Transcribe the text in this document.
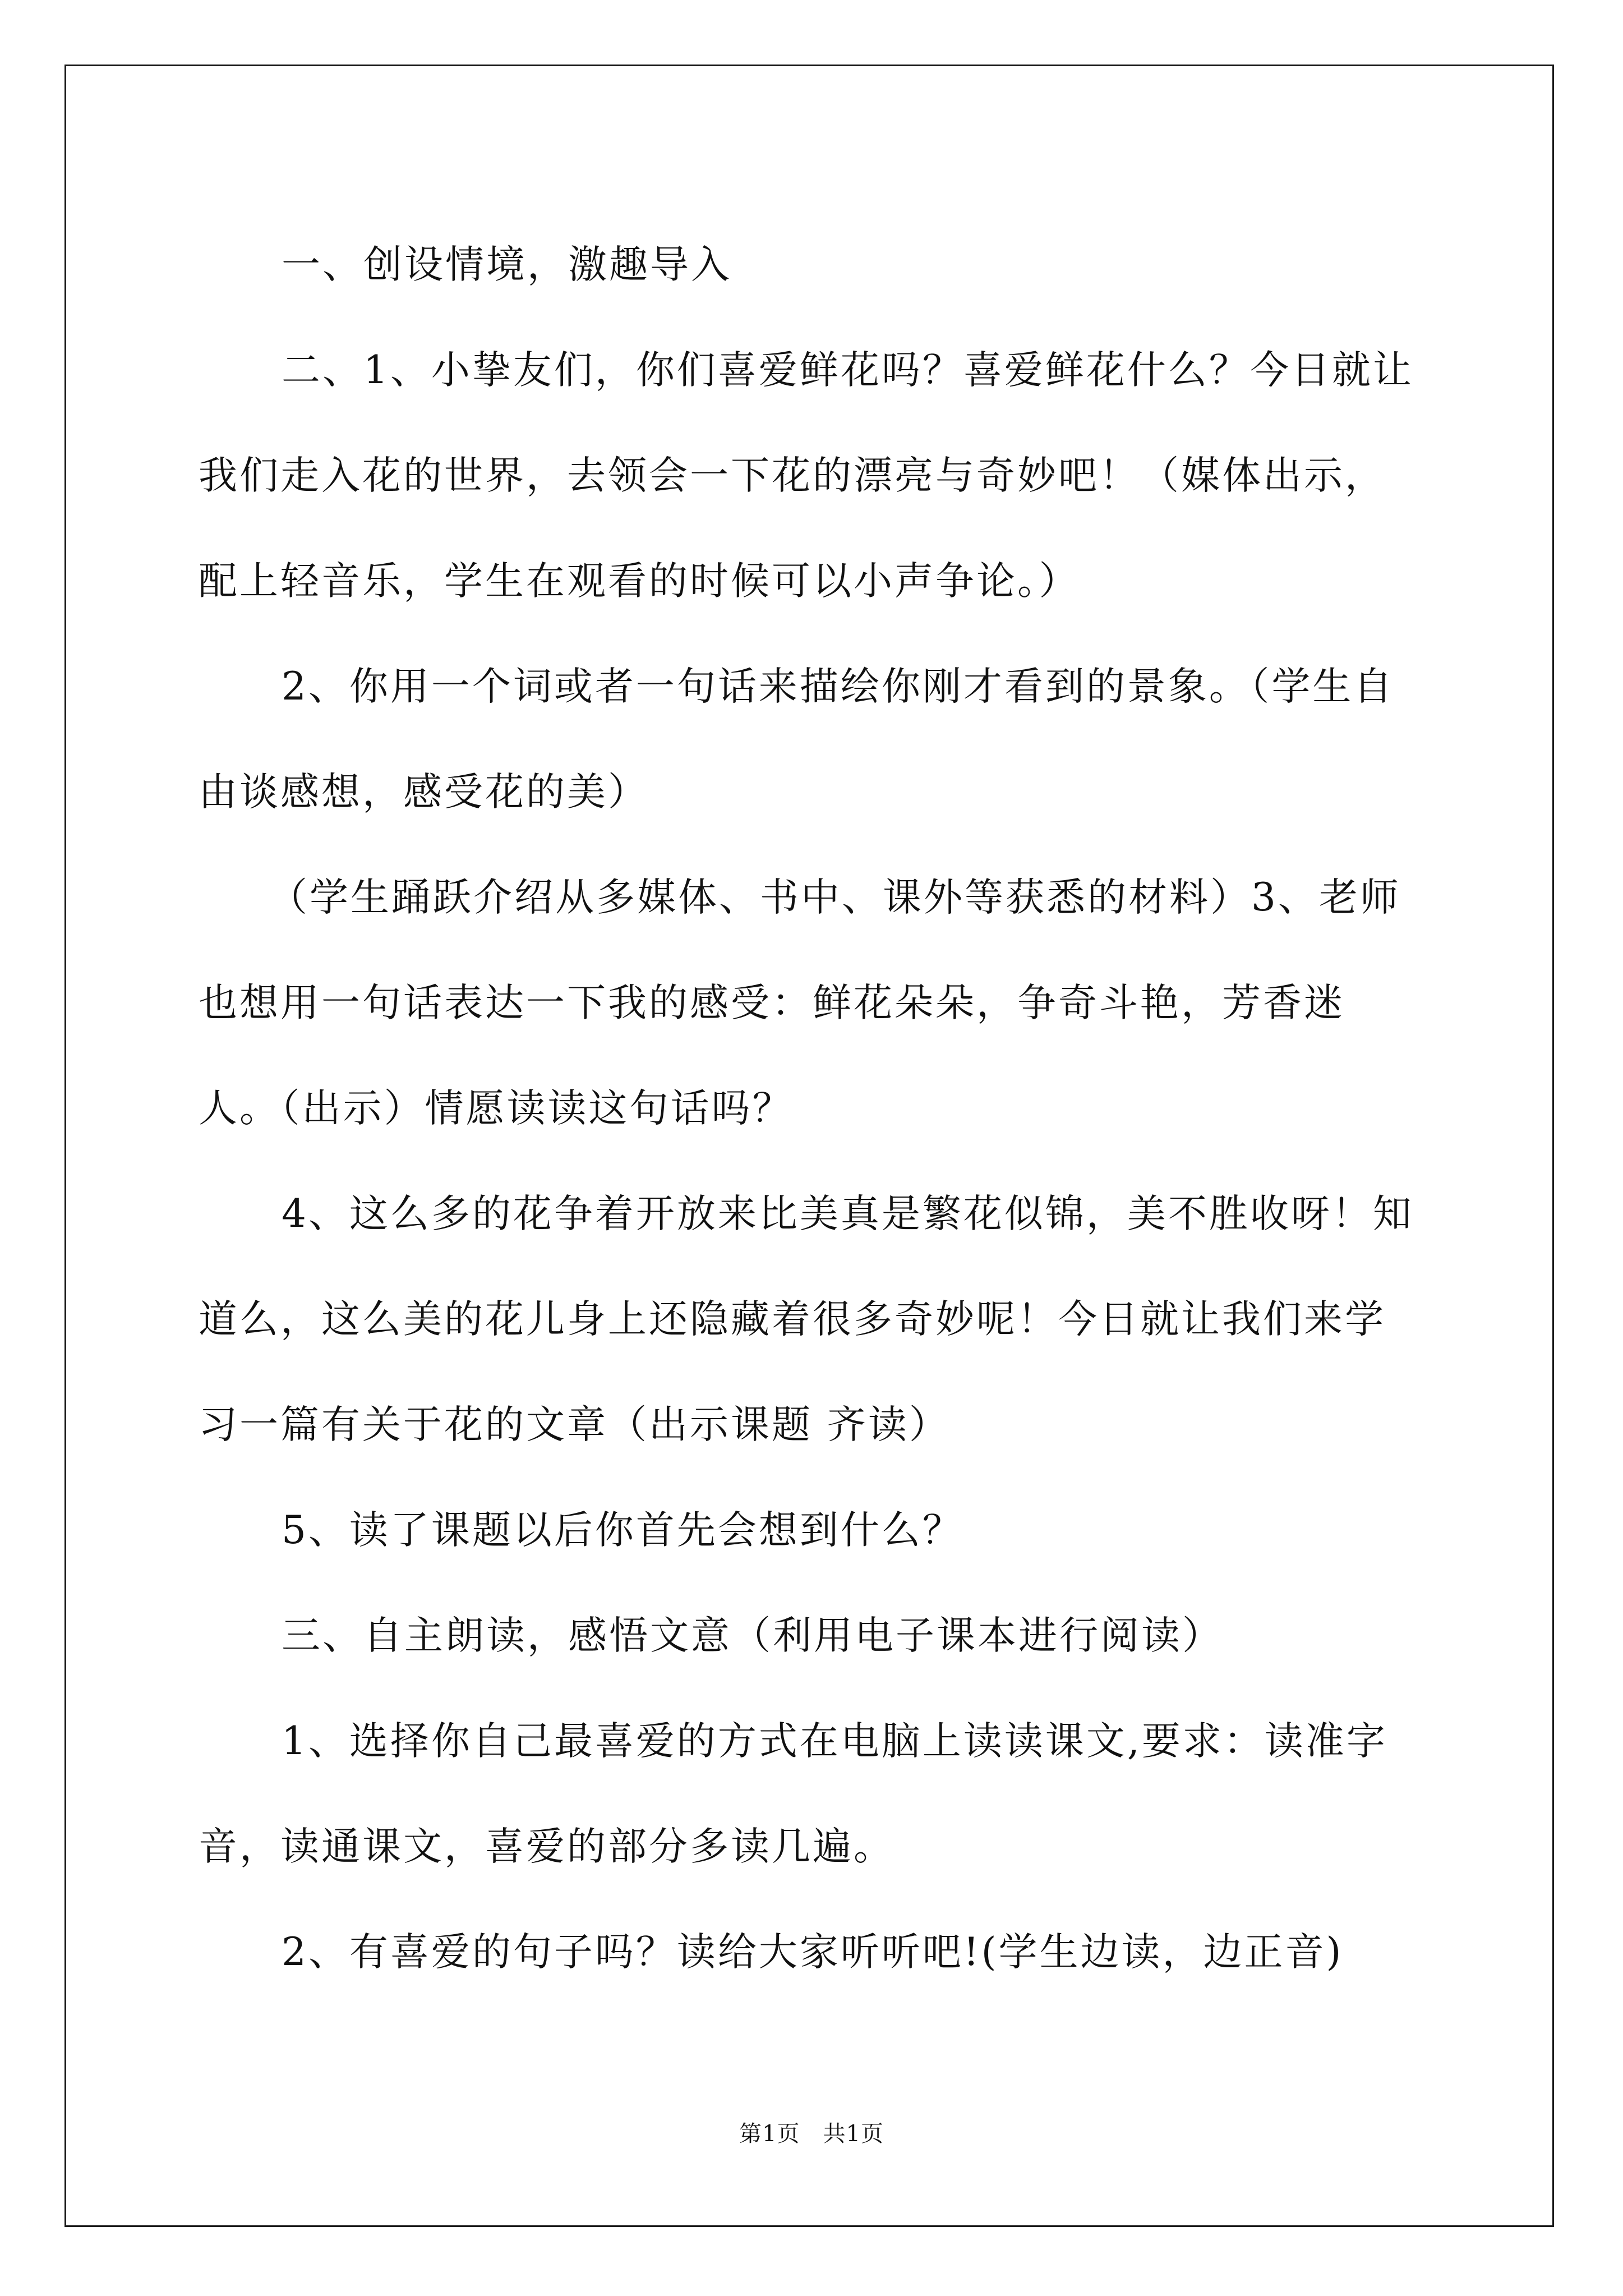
一、创设情境，激趣导入

二、1、小挚友们，你们喜爱鲜花吗？喜爱鲜花什么？今日就让我们走入花的世界，去领会一下花的漂亮与奇妙吧！（媒体出示，配上轻音乐，学生在观看的时候可以小声争论。）

2、你用一个词或者一句话来描绘你刚才看到的景象。（学生自由谈感想，感受花的美）

（学生踊跃介绍从多媒体、书中、课外等获悉的材料）3、老师也想用一句话表达一下我的感受：鲜花朵朵，争奇斗艳，芳香迷人。（出示）情愿读读这句话吗？

4、这么多的花争着开放来比美真是繁花似锦，美不胜收呀！知道么，这么美的花儿身上还隐藏着很多奇妙呢！今日就让我们来学习一篇有关于花的文章（出示课题 齐读）

5、读了课题以后你首先会想到什么？

三、自主朗读，感悟文意（利用电子课本进行阅读）

1、选择你自己最喜爱的方式在电脑上读读课文,要求：读准字音，读通课文，喜爱的部分多读几遍。

2、有喜爱的句子吗？读给大家听听吧!(学生边读，边正音)

第1页　共1页
